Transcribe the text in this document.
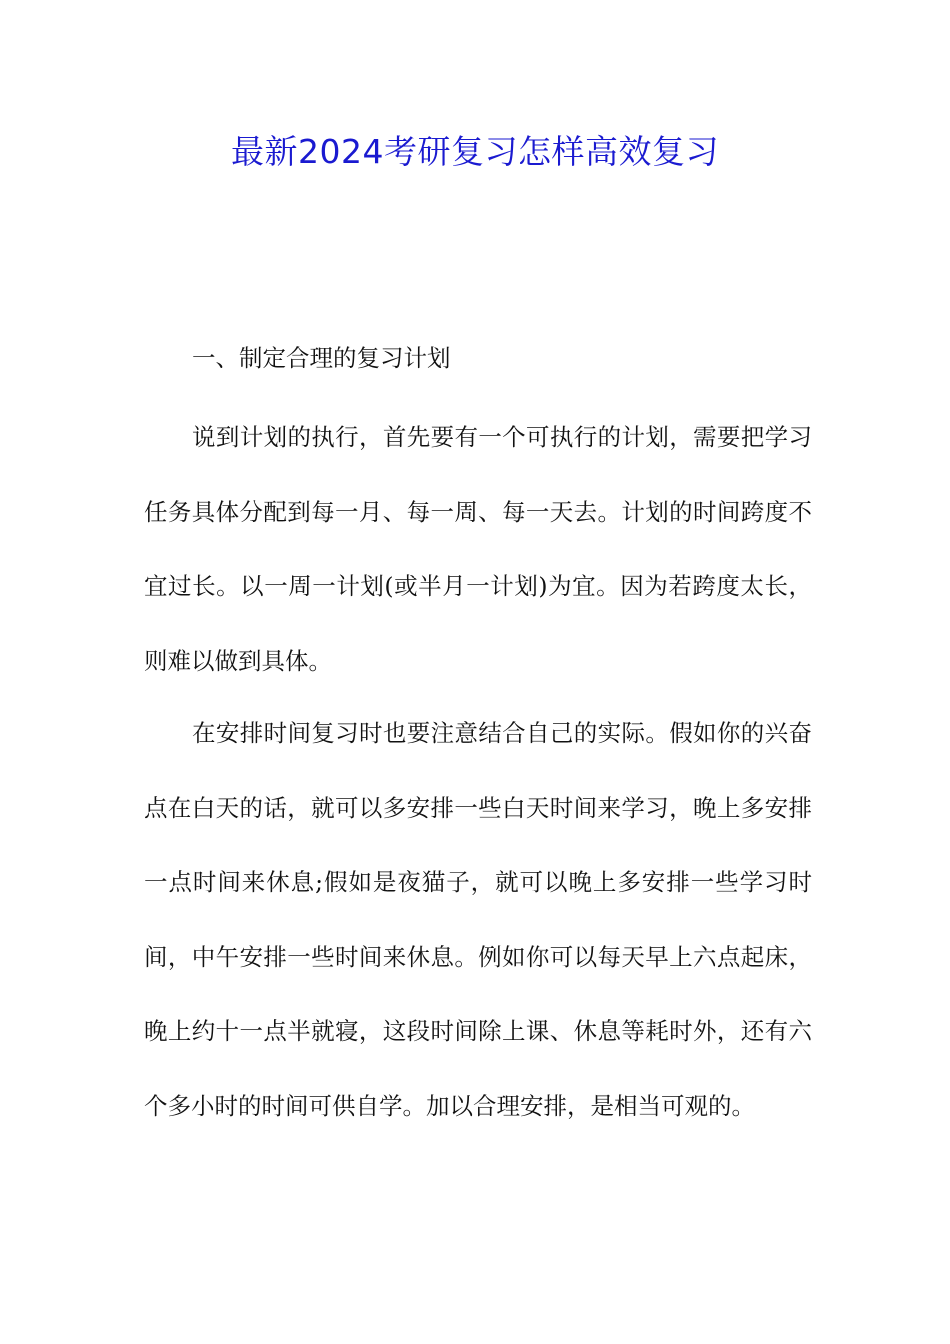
最新2024考研复习怎样高效复习
一、制定合理的复习计划
说到计划的执行，首先要有一个可执行的计划，需要把学习任务具体分配到每一月、每一周、每一天去。计划的时间跨度不宜过长。以一周一计划(或半月一计划)为宜。因为若跨度太长，则难以做到具体。
在安排时间复习时也要注意结合自己的实际。假如你的兴奋点在白天的话，就可以多安排一些白天时间来学习，晚上多安排一点时间来休息;假如是夜猫子，就可以晚上多安排一些学习时间，中午安排一些时间来休息。例如你可以每天早上六点起床，晚上约十一点半就寝，这段时间除上课、休息等耗时外，还有六个多小时的时间可供自学。加以合理安排，是相当可观的。
